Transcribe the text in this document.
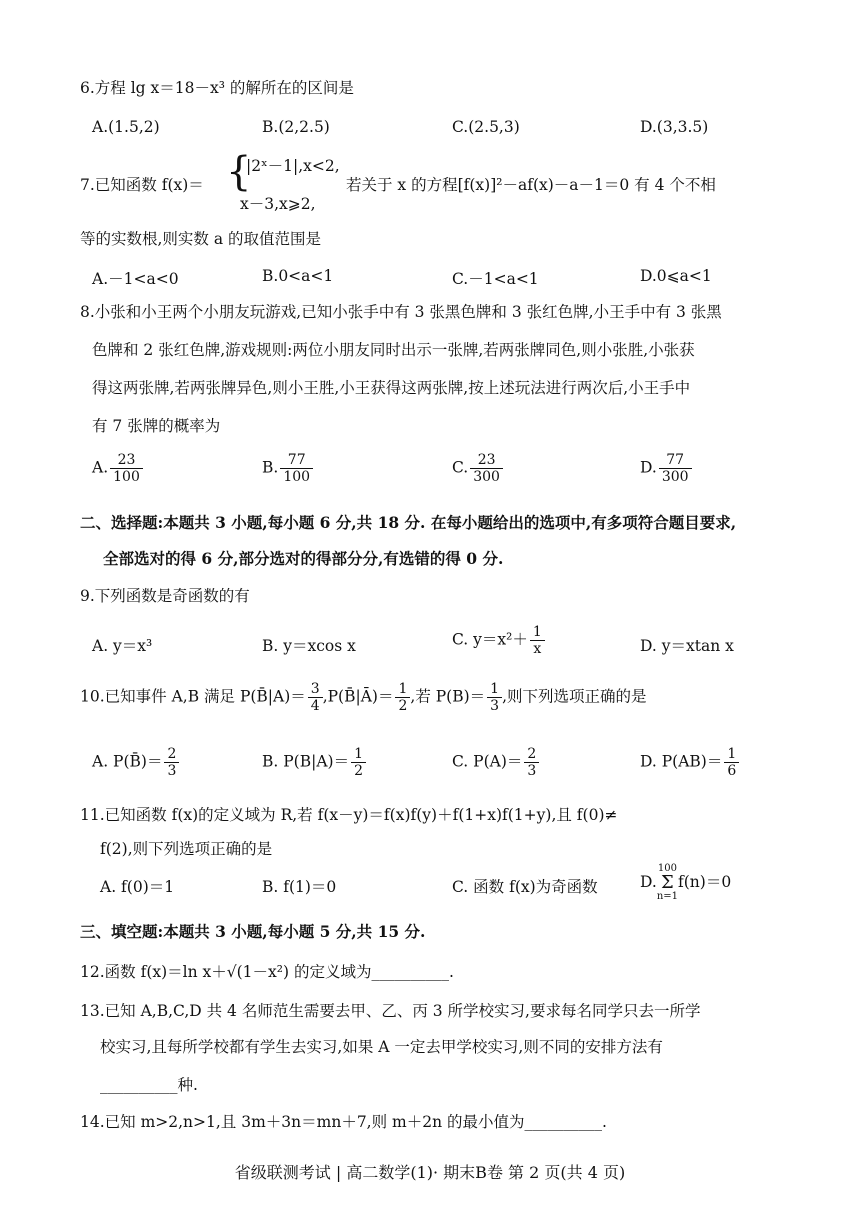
6.方程 lg x＝18－x³ 的解所在的区间是
A.(1.5,2)	B.(2,2.5)	C.(2.5,3)	D.(3,3.5)
7.已知函数 f(x)＝ {
|2ˣ－1|,x<2,
x－3,x⩾2,
若关于 x 的方程[f(x)]²－af(x)－a－1＝0 有 4 个不相
等的实数根,则实数 a 的取值范围是
A.－1<a<0	B.0<a<1	C.－1<a<1	D.0⩽a<1
8.小张和小王两个小朋友玩游戏,已知小张手中有 3 张黑色牌和 3 张红色牌,小王手中有 3 张黑
色牌和 2 张红色牌,游戏规则:两位小朋友同时出示一张牌,若两张牌同色,则小张胜,小张获
得这两张牌,若两张牌异色,则小王胜,小王获得这两张牌,按上述玩法进行两次后,小王手中
有 7 张牌的概率为
A. $\frac{23}{100}$	B. $\frac{77}{100}$	C. $\frac{23}{300}$	D. $\frac{77}{300}$
二、选择题:本题共 3 小题,每小题 6 分,共 18 分. 在每小题给出的选项中,有多项符合题目要求,
全部选对的得 6 分,部分选对的得部分分,有选错的得 0 分.
9.下列函数是奇函数的有
A. y＝x³	B. y＝xcos x	C. $y=x^2+ \frac{1}{x}$	D. y＝xtan x
10.已知事件 A,B 满足 P(B̄|A)＝ $\frac{3}{4}$ ,P(B̄|Ā)＝ $\frac{1}{2}$ ,若 $P(B)= \frac{1}{3}$ ,则下列选项正确的是
A. P(B̄)＝ $\frac{2}{3}$	B. $P(B|A)= \frac{1}{2}$	C. $P(A)= \frac{2}{3}$	D. $P(AB)= \frac{1}{6}$
11.已知函数 f(x)的定义域为 R,若 f(x－y)＝f(x)f(y)＋f(1+x)f(1+y),且 f(0)≠
f(2),则下列选项正确的是
A. f(0)＝1	B. f(1)＝0	C. 函数 f(x)为奇函数	D.100
Σ
n=1f(n)＝0
三、填空题:本题共 3 小题,每小题 5 分,共 15 分.
12.函数 f(x)＝ln x＋√(1－x²) 的定义域为__________.
13.已知 A,B,C,D 共 4 名师范生需要去甲、乙、丙 3 所学校实习,要求每名同学只去一所学
校实习,且每所学校都有学生去实习,如果 A 一定去甲学校实习,则不同的安排方法有
__________种.
14.已知 m>2,n>1,且 3m＋3n＝mn＋7,则 m＋2n 的最小值为__________.
省级联测考试 | 高二数学(1)· 期末B卷 第 2 页(共 4 页)
